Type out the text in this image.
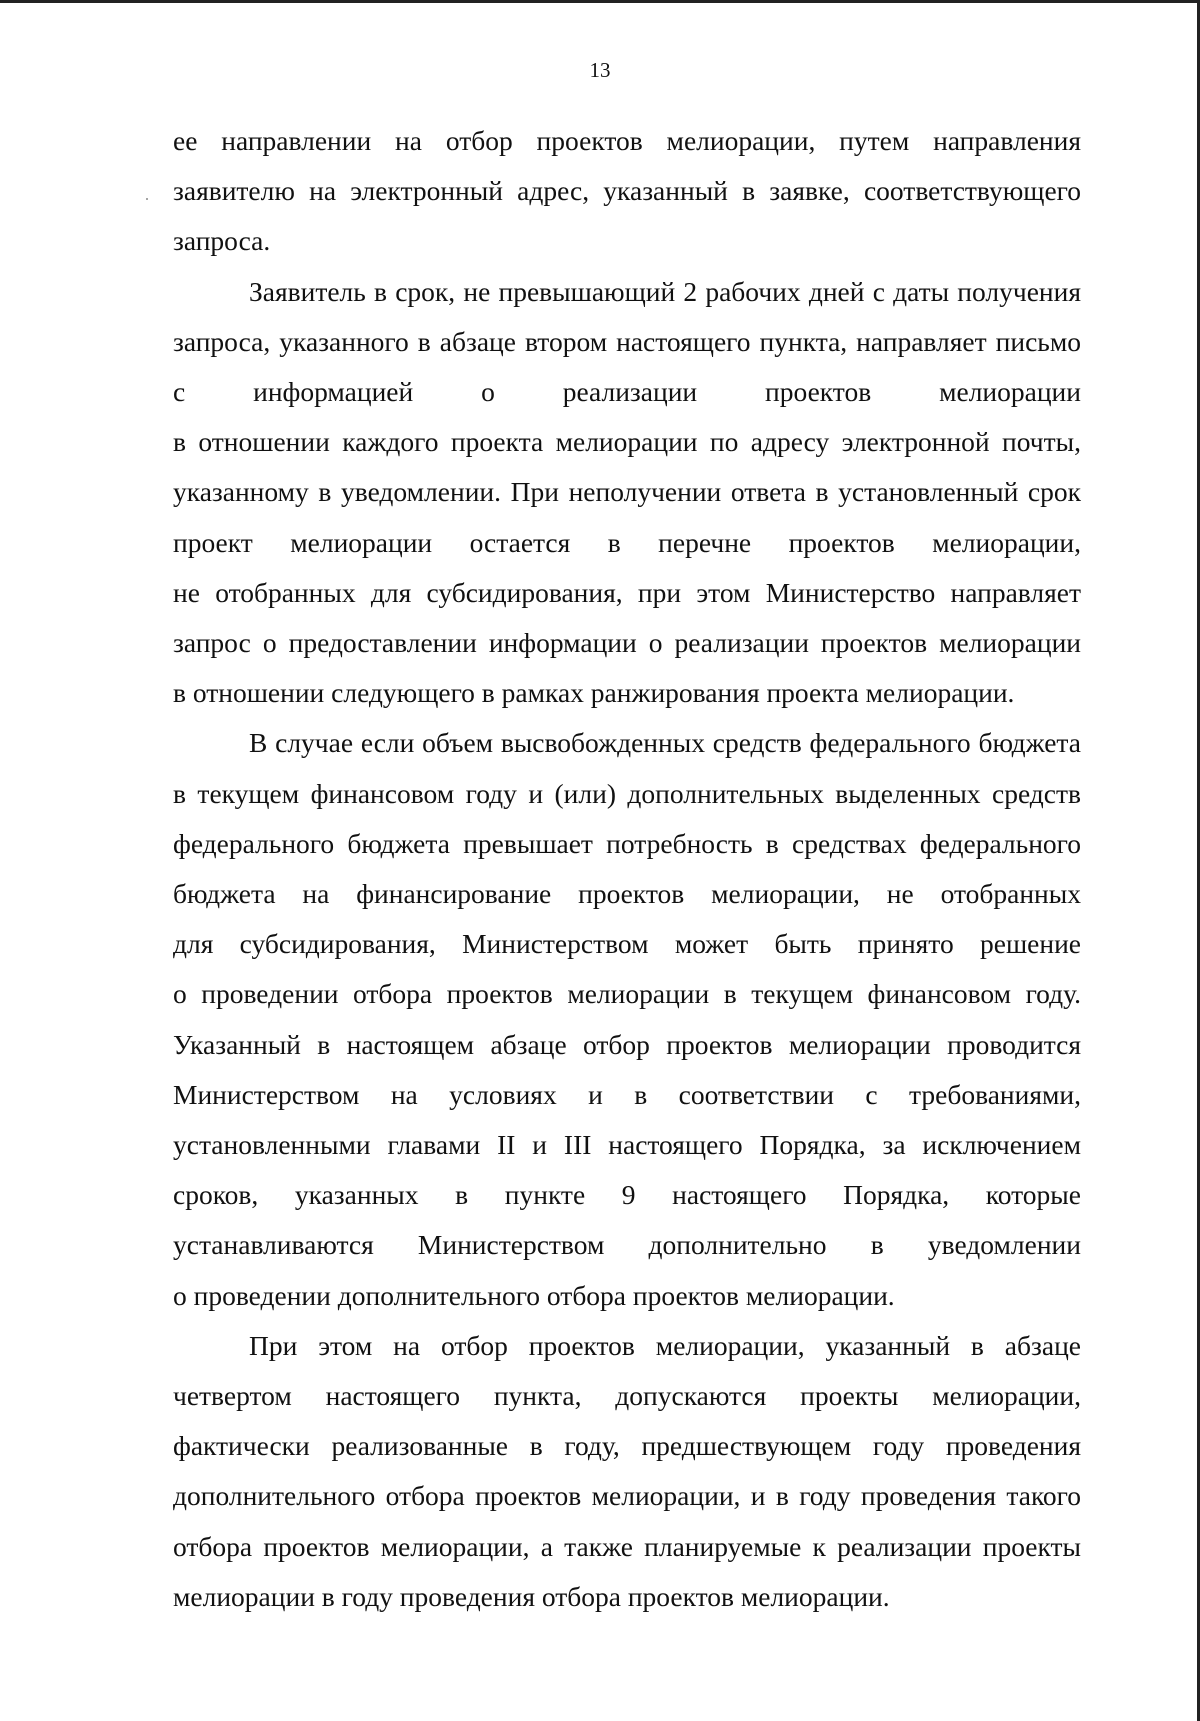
13
ее направлении на отбор проектов мелиорации, путем направления
заявителю на электронный адрес, указанный в заявке, соответствующего
запроса.
Заявитель в срок, не превышающий 2 рабочих дней с даты получения
запроса, указанного в абзаце втором настоящего пункта, направляет письмо
с информацией о реализации проектов мелиорации
в отношении каждого проекта мелиорации по адресу электронной почты,
указанному в уведомлении. При неполучении ответа в установленный срок
проект мелиорации остается в перечне проектов мелиорации,
не отобранных для субсидирования, при этом Министерство направляет
запрос о предоставлении информации о реализации проектов мелиорации
в отношении следующего в рамках ранжирования проекта мелиорации.
В случае если объем высвобожденных средств федерального бюджета
в текущем финансовом году и (или) дополнительных выделенных средств
федерального бюджета превышает потребность в средствах федерального
бюджета на финансирование проектов мелиорации, не отобранных
для субсидирования, Министерством может быть принято решение
о проведении отбора проектов мелиорации в текущем финансовом году.
Указанный в настоящем абзаце отбор проектов мелиорации проводится
Министерством на условиях и в соответствии с требованиями,
установленными главами II и III настоящего Порядка, за исключением
сроков, указанных в пункте 9 настоящего Порядка, которые
устанавливаются Министерством дополнительно в уведомлении
о проведении дополнительного отбора проектов мелиорации.
При этом на отбор проектов мелиорации, указанный в абзаце
четвертом настоящего пункта, допускаются проекты мелиорации,
фактически реализованные в году, предшествующем году проведения
дополнительного отбора проектов мелиорации, и в году проведения такого
отбора проектов мелиорации, а также планируемые к реализации проекты
мелиорации в году проведения отбора проектов мелиорации.
